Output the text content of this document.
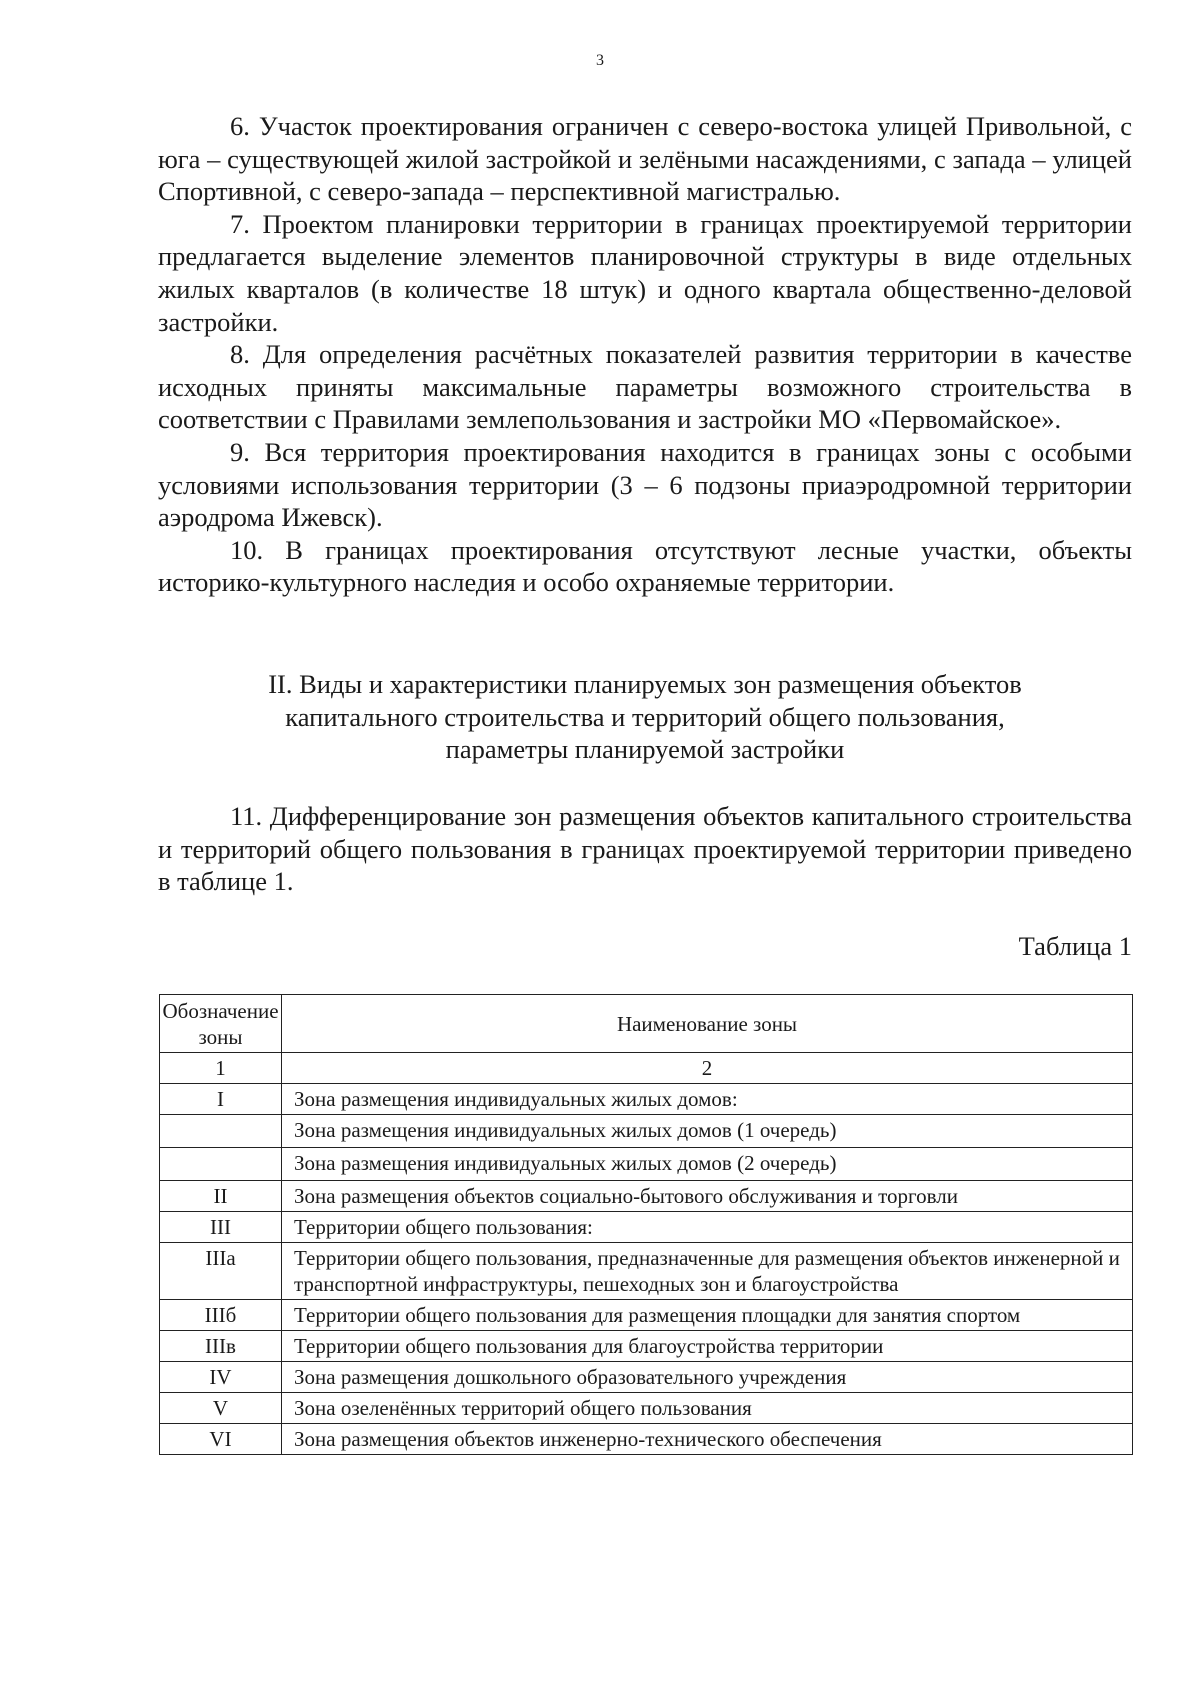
3

6. Участок проектирования ограничен с северо-востока улицей Привольной, с юга – существующей жилой застройкой и зелёными насаждениями, с запада – улицей Спортивной, с северо-запада – перспективной магистралью.

7. Проектом планировки территории в границах проектируемой территории предлагается выделение элементов планировочной структуры в виде отдельных жилых кварталов (в количестве 18 штук) и одного квартала общественно-деловой застройки.

8. Для определения расчётных показателей развития территории в качестве исходных приняты максимальные параметры возможного строительства в соответствии с Правилами землепользования и застройки МО «Первомайское».

9. Вся территория проектирования находится в границах зоны с особыми условиями использования территории (3 – 6 подзоны приаэродромной территории аэродрома Ижевск).

10. В границах проектирования отсутствуют лесные участки, объекты историко-культурного наследия и особо охраняемые территории.

II. Виды и характеристики планируемых зон размещения объектов
капитального строительства и территорий общего пользования,
параметры планируемой застройки

11. Дифференцирование зон размещения объектов капитального строительства и территорий общего пользования в границах проектируемой территории приведено в таблице 1.

Таблица 1
Обозначение зоны	Наименование зоны
1	2
I	Зона размещения индивидуальных жилых домов:
	Зона размещения индивидуальных жилых домов (1 очередь)
	Зона размещения индивидуальных жилых домов (2 очередь)
II	Зона размещения объектов социально-бытового обслуживания и торговли
III	Территории общего пользования:
IIIа	Территории общего пользования, предназначенные для размещения объектов инженерной и транспортной инфраструктуры, пешеходных зон и благоустройства
IIIб	Территории общего пользования для размещения площадки для занятия спортом
IIIв	Территории общего пользования для благоустройства территории
IV	Зона размещения дошкольного образовательного учреждения
V	Зона озеленённых территорий общего пользования
VI	Зона размещения объектов инженерно-технического обеспечения
